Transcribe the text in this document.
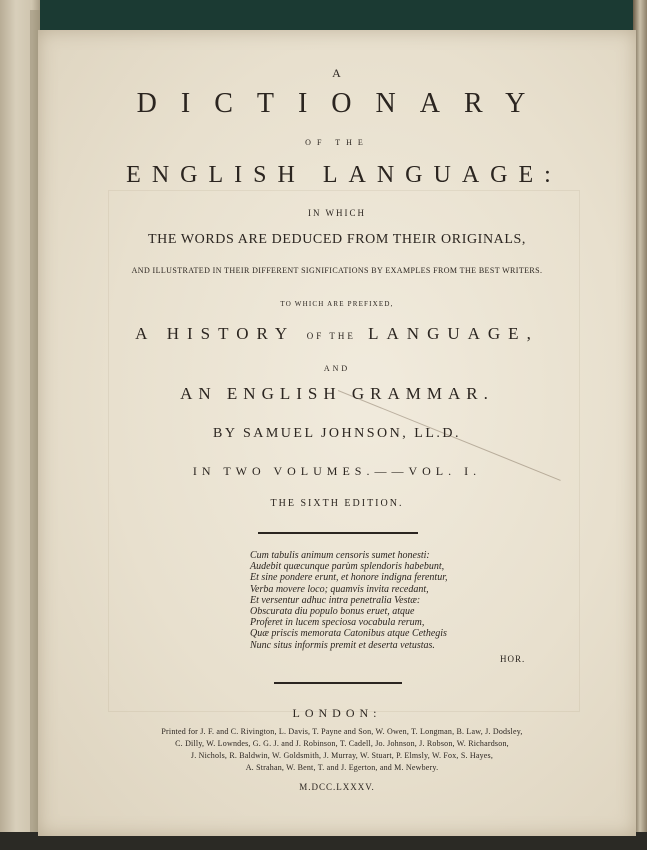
A
DICTIONARY
OF THE
ENGLISH LANGUAGE:
IN WHICH
THE WORDS ARE DEDUCED FROM THEIR ORIGINALS,
AND ILLUSTRATED IN THEIR DIFFERENT SIGNIFICATIONS BY EXAMPLES FROM THE BEST WRITERS.
TO WHICH ARE PREFIXED,
A HISTORY OF THE LANGUAGE,
AND
AN ENGLISH GRAMMAR.
BY SAMUEL JOHNSON, LL.D.
IN TWO VOLUMES.——VOL. I.
THE SIXTH EDITION.
Cum tabulis animum censoris sumet honesti:
Audebit quæcunque parùm splendoris habebunt,
Et sine pondere erunt, et honore indigna ferentur,
Verba movere loco; quamvis invita recedant,
Et versentur adhuc intra penetralia Vestæ:
Obscurata diu populo bonus eruet, atque
Proferet in lucem speciosa vocabula rerum,
Quæ priscis memorata Catonibus atque Cethegis
Nunc situs informis premit et deserta vetustas.
HOR.
LONDON:
Printed for J. F. and C. Rivington, L. Davis, T. Payne and Son, W. Owen, T. Longman, B. Law, J. Dodsley,
C. Dilly, W. Lowndes, G. G. J. and J. Robinson, T. Cadell, Jo. Johnson, J. Robson, W. Richardson,
J. Nichols, R. Baldwin, W. Goldsmith, J. Murray, W. Stuart, P. Elmsly, W. Fox, S. Hayes,
A. Strahan, W. Bent, T. and J. Egerton, and M. Newbery.
M.DCC.LXXXV.
